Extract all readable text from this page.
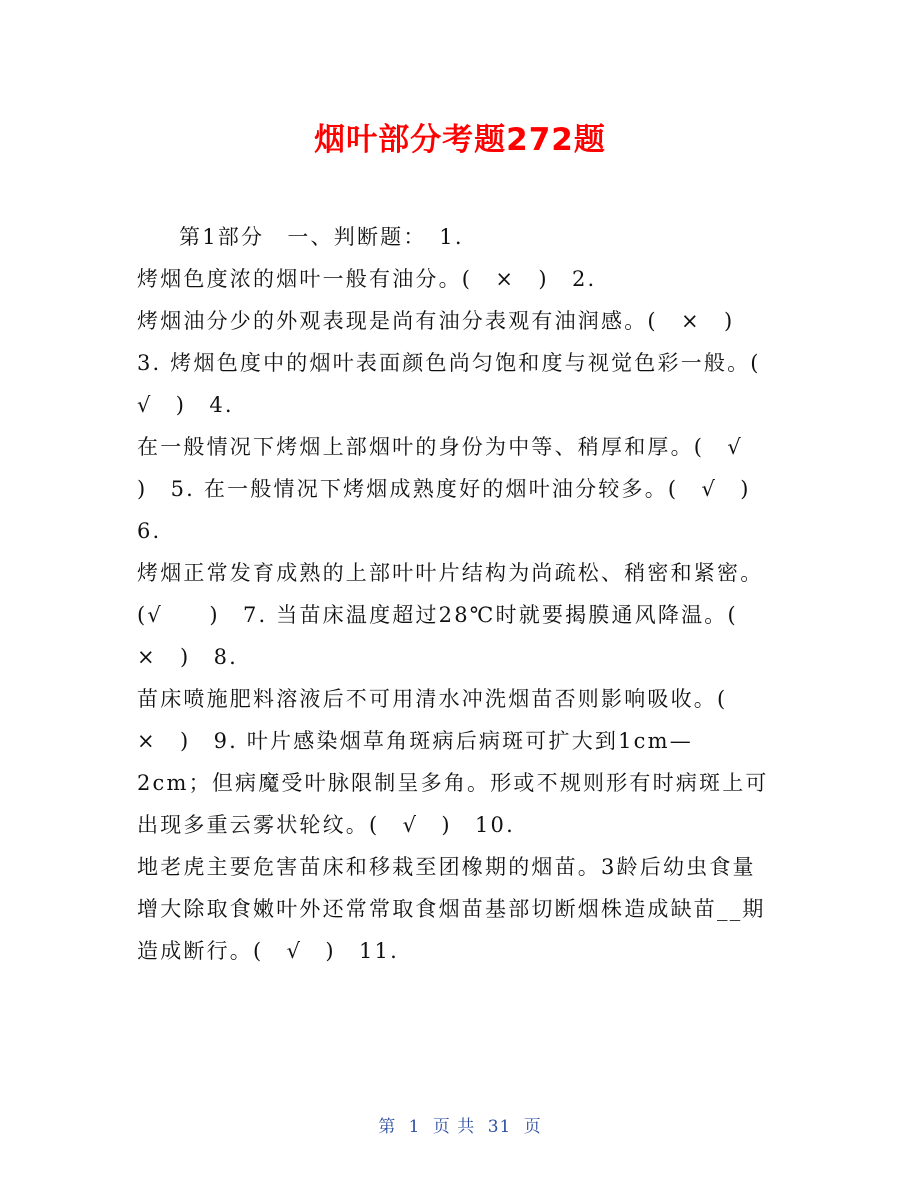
烟叶部分考题272题
第1部分　一、判断题：　1.
烤烟色度浓的烟叶一般有油分。(　×　)　2.
烤烟油分少的外观表现是尚有油分表观有油润感。(　×　)
3. 烤烟色度中的烟叶表面颜色尚匀饱和度与视觉色彩一般。(
√　)　4.
在一般情况下烤烟上部烟叶的身份为中等、稍厚和厚。(　√
)　5. 在一般情况下烤烟成熟度好的烟叶油分较多。(　√　)
6.
烤烟正常发育成熟的上部叶叶片结构为尚疏松、稍密和紧密。
(√　　)　7. 当苗床温度超过28℃时就要揭膜通风降温。(
×　)　8.
苗床喷施肥料溶液后不可用清水冲洗烟苗否则影响吸收。(
×　)　9. 叶片感染烟草角斑病后病斑可扩大到1cm—
2cm；但病魔受叶脉限制呈多角。形或不规则形有时病斑上可
出现多重云雾状轮纹。(　√　)　10.
地老虎主要危害苗床和移栽至团橡期的烟苗。3龄后幼虫食量
增大除取食嫩叶外还常常取食烟苗基部切断烟株造成缺苗__期
造成断行。(　√　)　11.
第 1 页 共 31 页
